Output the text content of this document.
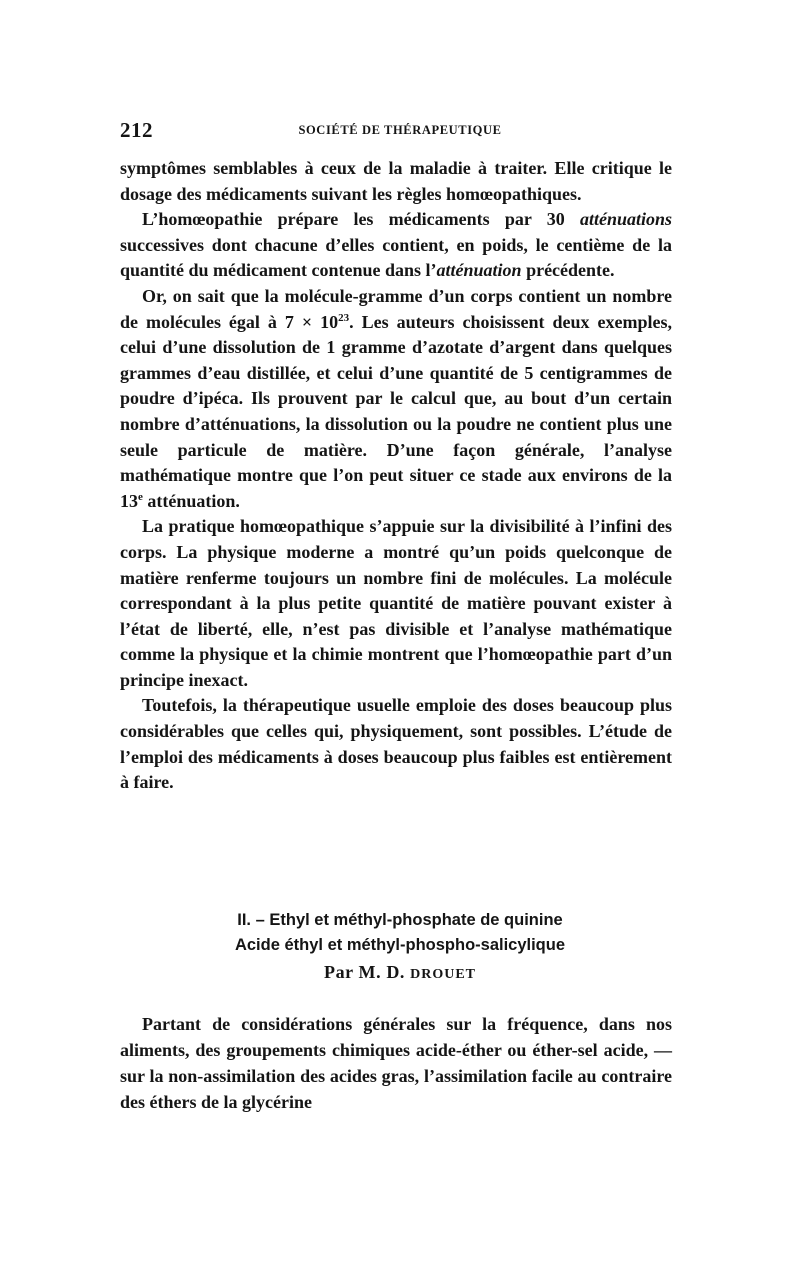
212	SOCIÉTÉ DE THÉRAPEUTIQUE

symptômes semblables à ceux de la maladie à traiter. Elle critique le dosage des médicaments suivant les règles homœopathiques.

L’homœopathie prépare les médicaments par 30 atténuations successives dont chacune d’elles contient, en poids, le centième de la quantité du médicament contenue dans l’atténuation précédente.

Or, on sait que la molécule-gramme d’un corps contient un nombre de molécules égal à $7 \times 10^{23}$. Les auteurs choisissent deux exemples, celui d’une dissolution de 1 gramme d’azotate d’argent dans quelques grammes d’eau distillée, et celui d’une quantité de 5 centigrammes de poudre d’ipéca. Ils prouvent par le calcul que, au bout d’un certain nombre d’atténuations, la dissolution ou la poudre ne contient plus une seule particule de matière. D’une façon générale, l’analyse mathématique montre que l’on peut situer ce stade aux environs de la 13e atténuation.

La pratique homœopathique s’appuie sur la divisibilité à l’infini des corps. La physique moderne a montré qu’un poids quelconque de matière renferme toujours un nombre fini de molécules. La molécule correspondant à la plus petite quantité de matière pouvant exister à l’état de liberté, elle, n’est pas divisible et l’analyse mathématique comme la physique et la chimie montrent que l’homœopathie part d’un principe inexact.

Toutefois, la thérapeutique usuelle emploie des doses beaucoup plus considérables que celles qui, physiquement, sont possibles. L’étude de l’emploi des médicaments à doses beaucoup plus faibles est entièrement à faire.

II. – Ethyl et méthyl-phosphate de quinine
Acide éthyl et méthyl-phospho-salicylique
Par M. D. DROUET

Partant de considérations générales sur la fréquence, dans nos aliments, des groupements chimiques acide-éther ou éther-sel acide, — sur la non-assimilation des acides gras, l’assimilation facile au contraire des éthers de la glycérine
